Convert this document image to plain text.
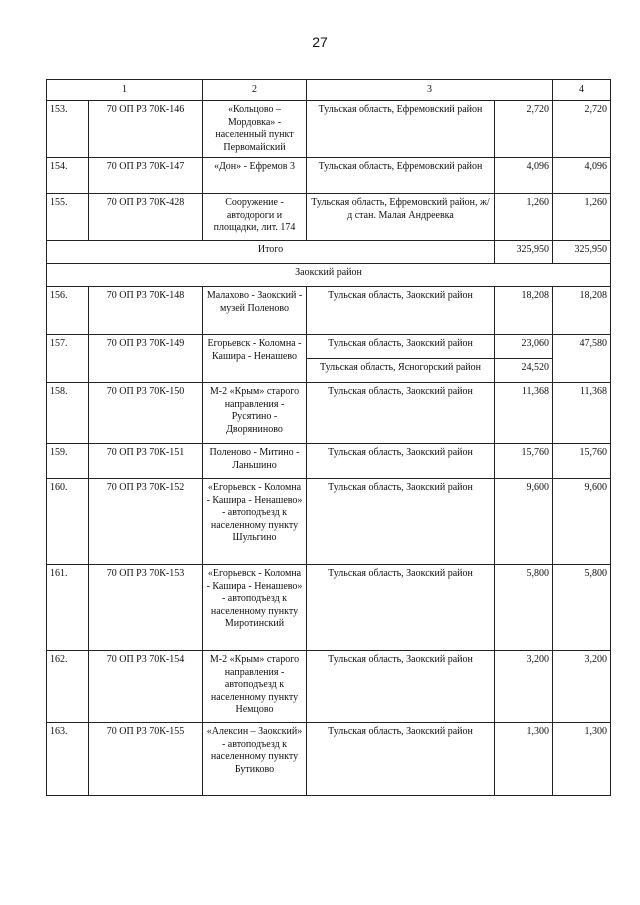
27
1		2	3		4
153.	70 ОП Р3 70К-146	«Кольцово – Мордовка» - населенный пункт Первомайский	Тульская область, Ефремовский район	2,720	2,720
154.	70 ОП Р3 70К-147	«Дон» - Ефремов 3	Тульская область, Ефремовский район	4,096	4,096
155.	70 ОП Р3 70К-428	Сооружение - автодороги и площадки, лит. 174	Тульская область, Ефремовский район, ж/д стан. Малая Андреевка	1,260	1,260
Итого				325,950	325,950
Заокский район					
156.	70 ОП Р3 70К-148	Малахово - Заокский - музей Поленово	Тульская область, Заокский район	18,208	18,208
157.	70 ОП Р3 70К-149	Егорьевск - Коломна - Кашира - Ненашево	Тульская область, Заокский район	23,060	47,580
			Тульская область, Ясногорский район	24,520	
158.	70 ОП Р3 70К-150	М-2 «Крым» старого направления - Русятино - Дворяниново	Тульская область, Заокский район	11,368	11,368
159.	70 ОП Р3 70К-151	Поленово - Митино - Ланьшино	Тульская область, Заокский район	15,760	15,760
160.	70 ОП Р3 70К-152	«Егорьевск - Коломна - Кашира - Ненашево» - автоподъезд к населенному пункту Шульгино	Тульская область, Заокский район	9,600	9,600
161.	70 ОП Р3 70К-153	«Егорьевск - Коломна - Кашира - Ненашево» - автоподъезд к населенному пункту Миротинский	Тульская область, Заокский район	5,800	5,800
162.	70 ОП Р3 70К-154	М-2 «Крым» старого направления - автоподъезд к населенному пункту Немцово	Тульская область, Заокский район	3,200	3,200
163.	70 ОП Р3 70К-155	«Алексин – Заокский» - автоподъезд к населенному пункту Бутиково	Тульская область, Заокский район	1,300	1,300
